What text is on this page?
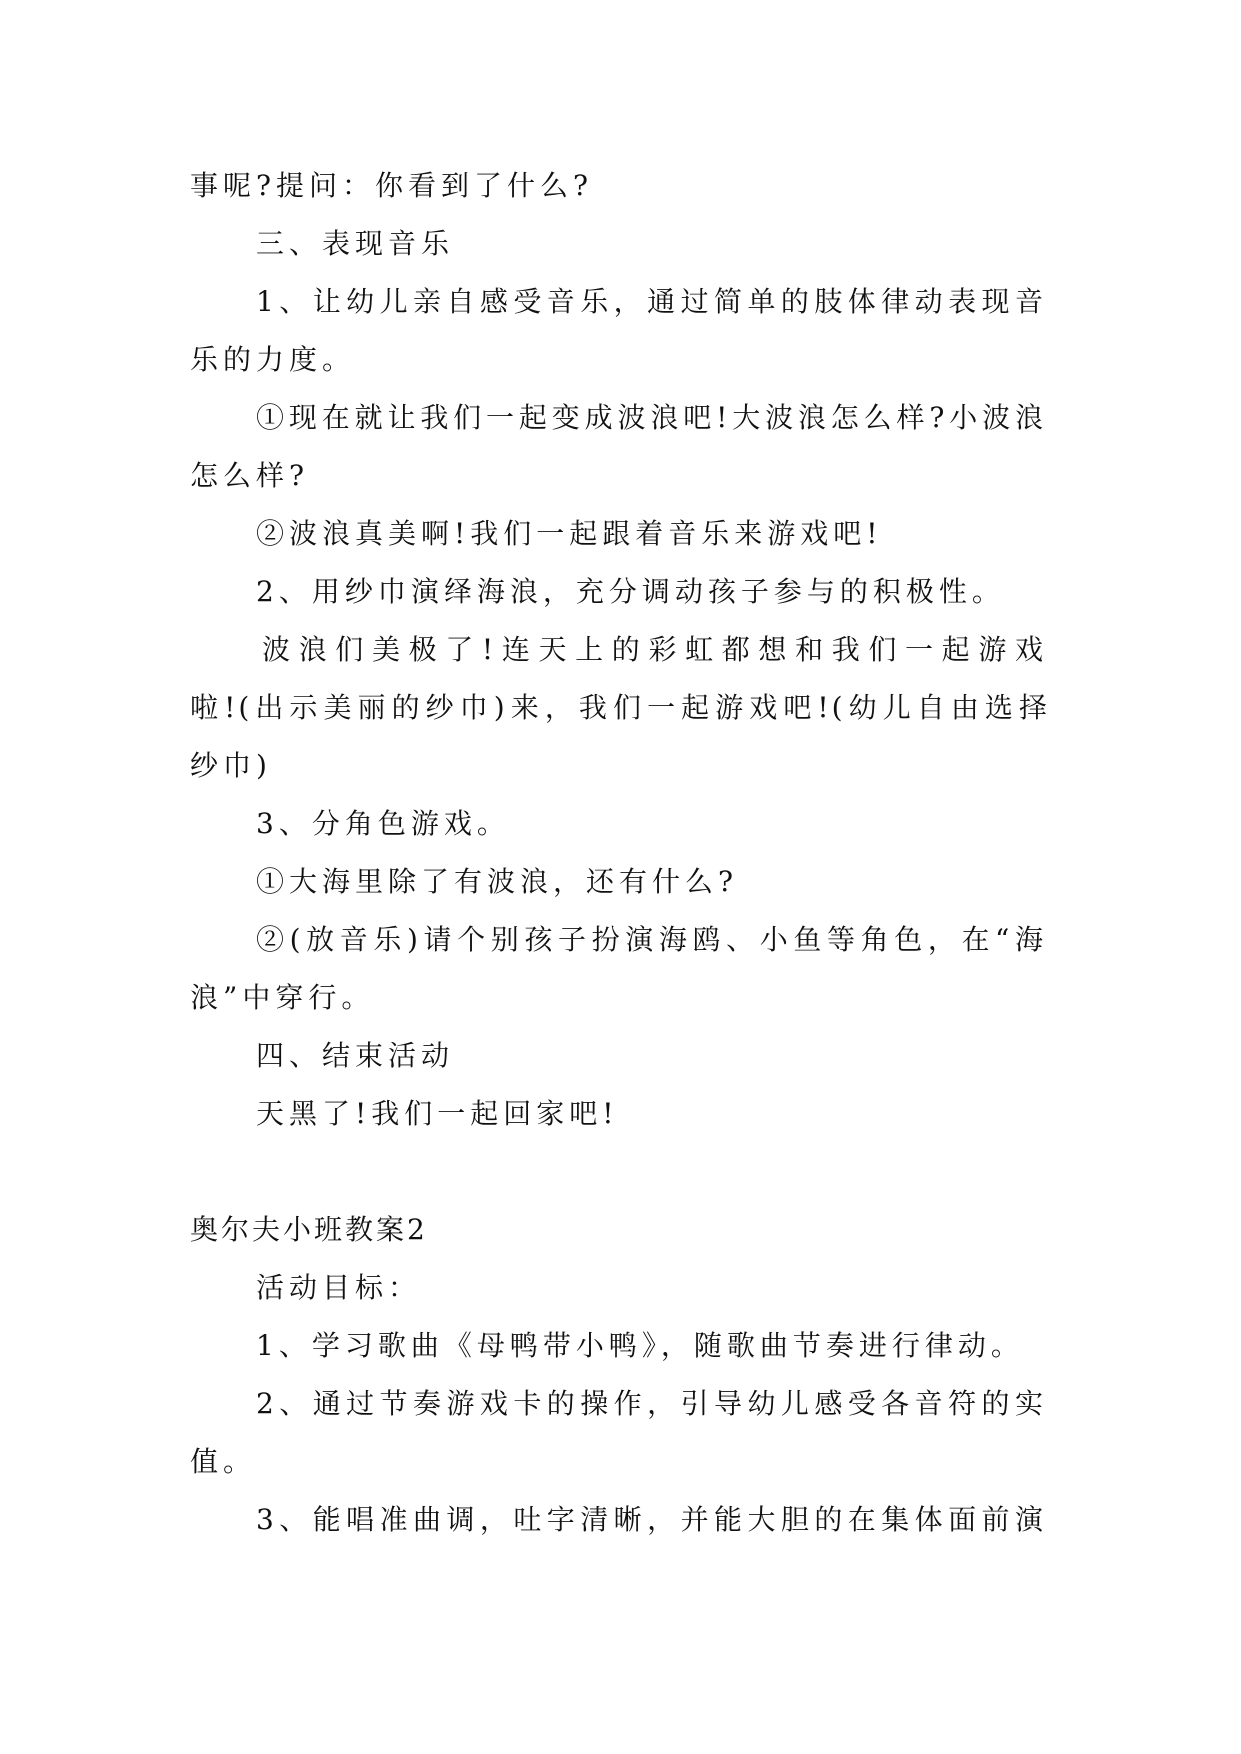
事呢?提问：你看到了什么?
三、表现音乐
1、让幼儿亲自感受音乐，通过简单的肢体律动表现音
乐的力度。
①现在就让我们一起变成波浪吧!大波浪怎么样?小波浪
怎么样?
②波浪真美啊!我们一起跟着音乐来游戏吧!
2、用纱巾演绎海浪，充分调动孩子参与的积极性。
波浪们美极了!连天上的彩虹都想和我们一起游戏
啦!(出示美丽的纱巾)来，我们一起游戏吧!(幼儿自由选择
纱巾)
3、分角色游戏。
①大海里除了有波浪，还有什么?
②(放音乐)请个别孩子扮演海鸥、小鱼等角色，在“海
浪”中穿行。
四、结束活动
天黑了!我们一起回家吧!
奥尔夫小班教案2
活动目标：
1、学习歌曲《母鸭带小鸭》，随歌曲节奏进行律动。
2、通过节奏游戏卡的操作，引导幼儿感受各音符的实
值。
3、能唱准曲调，吐字清晰，并能大胆的在集体面前演
